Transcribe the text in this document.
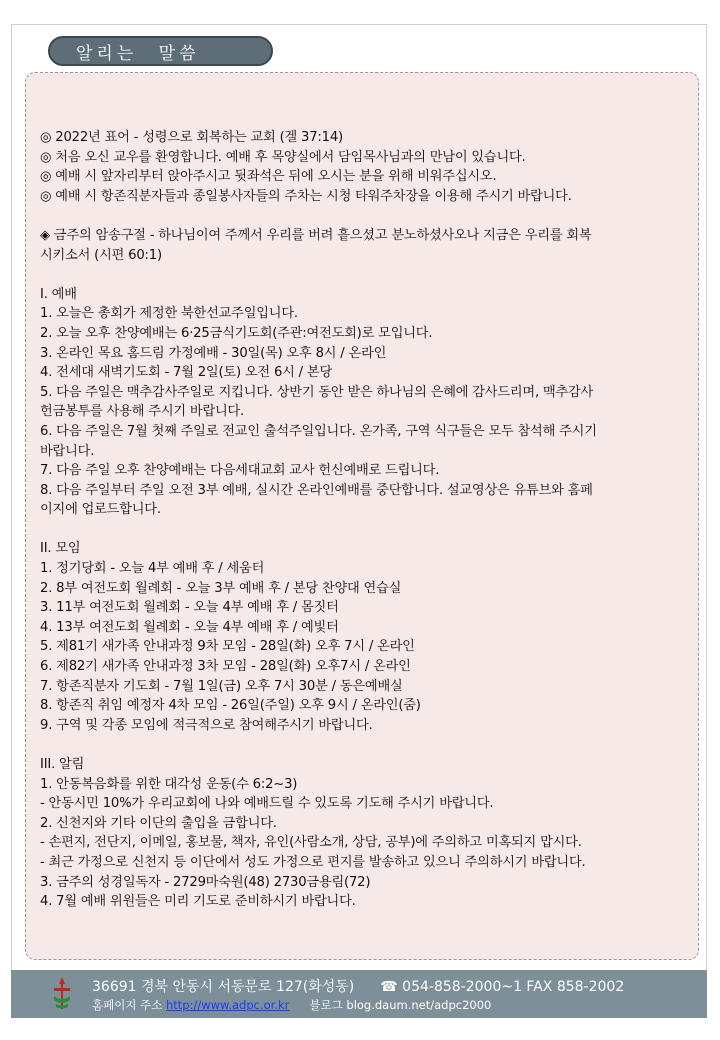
알리는 말씀
◎ 2022년 표어 - 성령으로 회복하는 교회 (겔 37:14)
◎ 처음 오신 교우를 환영합니다. 예배 후 목양실에서 담임목사님과의 만남이 있습니다.
◎ 예배 시 앞자리부터 앉아주시고 뒷좌석은 뒤에 오시는 분을 위해 비워주십시오.
◎ 예배 시 항존직분자들과 종일봉사자들의 주차는 시청 타워주차장을 이용해 주시기 바랍니다.
◈ 금주의 암송구절 - 하나님이여 주께서 우리를 버려 흩으셨고 분노하셨사오나 지금은 우리를 회복
시키소서 (시편 60:1)
I. 예배
1. 오늘은 총회가 제정한 북한선교주일입니다.
2. 오늘 오후 찬양예배는 6·25금식기도회(주관:여전도회)로 모입니다.
3. 온라인 목요 홈드림 가정예배 - 30일(목) 오후 8시 / 온라인
4. 전세대 새벽기도회 - 7월 2일(토) 오전 6시 / 본당
5. 다음 주일은 맥추감사주일로 지킵니다. 상반기 동안 받은 하나님의 은혜에 감사드리며, 맥추감사
헌금봉투를 사용해 주시기 바랍니다.
6. 다음 주일은 7월 첫째 주일로 전교인 출석주일입니다. 온가족, 구역 식구들은 모두 참석해 주시기
바랍니다.
7. 다음 주일 오후 찬양예배는 다음세대교회 교사 헌신예배로 드립니다.
8. 다음 주일부터 주일 오전 3부 예배, 실시간 온라인예배를 중단합니다. 설교영상은 유튜브와 홈페
이지에 업로드합니다.
II. 모임
1. 정기당회 - 오늘 4부 예배 후 / 세움터
2. 8부 여전도회 월례회 - 오늘 3부 예배 후 / 본당 찬양대 연습실
3. 11부 여전도회 월례회 - 오늘 4부 예배 후 / 몸짓터
4. 13부 여전도회 월례회 - 오늘 4부 예배 후 / 예빛터
5. 제81기 새가족 안내과정 9차 모임 - 28일(화) 오후 7시 / 온라인
6. 제82기 새가족 안내과정 3차 모임 - 28일(화) 오후7시 / 온라인
7. 항존직분자 기도회 - 7월 1일(금) 오후 7시 30분 / 동은예배실
8. 항존직 취임 예정자 4차 모임 - 26일(주일) 오후 9시 / 온라인(줌)
9. 구역 및 각종 모임에 적극적으로 참여해주시기 바랍니다.
III. 알림
1. 안동복음화를 위한 대각성 운동(수 6:2~3)
- 안동시민 10%가 우리교회에 나와 예배드릴 수 있도록 기도해 주시기 바랍니다.
2. 신천지와 기타 이단의 출입을 금합니다.
- 손편지, 전단지, 이메일, 홍보물, 책자, 유인(사람소개, 상담, 공부)에 주의하고 미혹되지 맙시다.
- 최근 가정으로 신천지 등 이단에서 성도 가정으로 편지를 발송하고 있으니 주의하시기 바랍니다.
3. 금주의 성경일독자 - 2729마숙원(48) 2730금용림(72)
4. 7월 예배 위원들은 미리 기도로 준비하시기 바랍니다.
36691 경북 안동시 서동문로 127(화성동) ☎ 054-858-2000~1 FAX 858-2002
홈페이지 주소 http://www.adpc.or.kr 블로그 blog.daum.net/adpc2000
